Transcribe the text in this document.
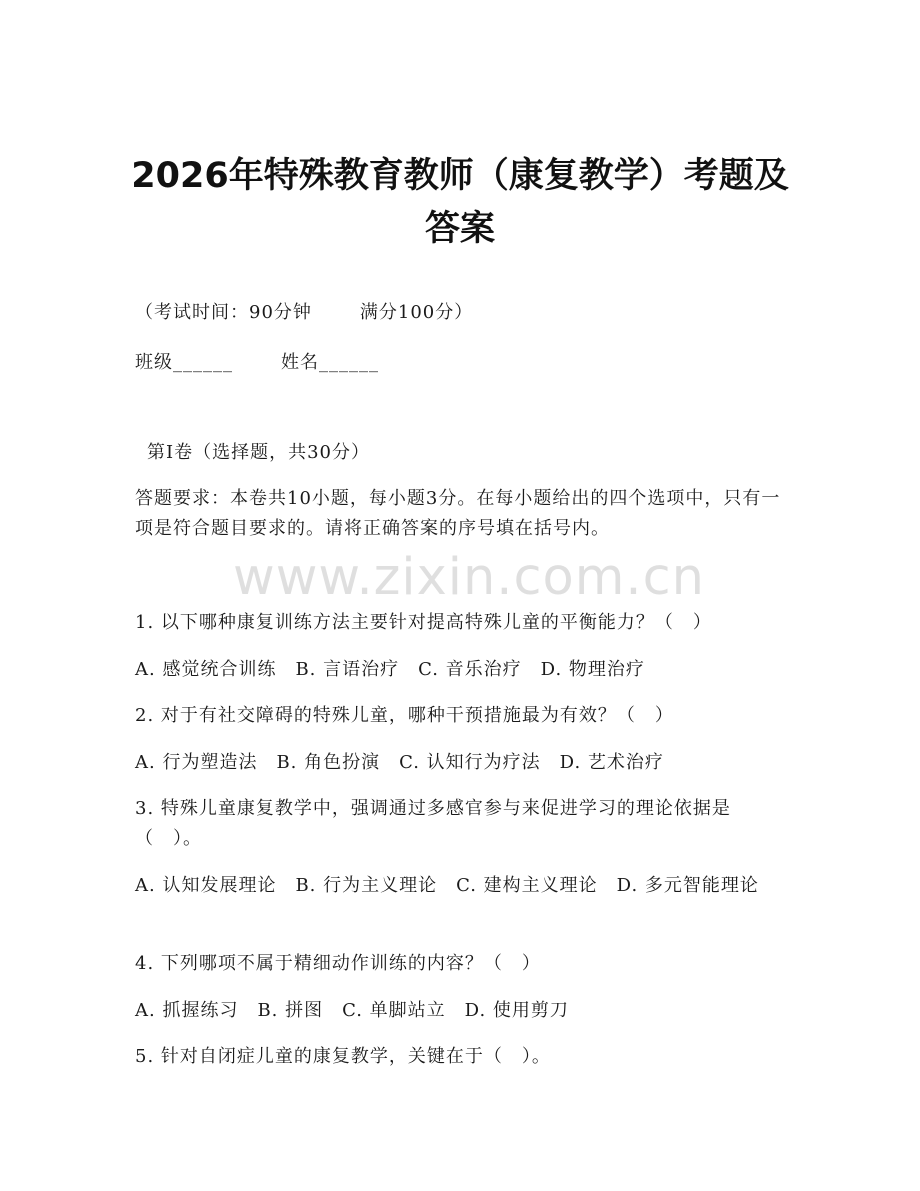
2026年特殊教育教师（康复教学）考题及答案
（考试时间：90分钟	满分100分）
班级______	姓名______
第Ⅰ卷（选择题，共30分）
答题要求：本卷共10小题，每小题3分。在每小题给出的四个选项中，只有一项是符合题目要求的。请将正确答案的序号填在括号内。
www.zixin.com.cn
1. 以下哪种康复训练方法主要针对提高特殊儿童的平衡能力？（　）
A. 感觉统合训练　B. 言语治疗　C. 音乐治疗　D. 物理治疗
2. 对于有社交障碍的特殊儿童，哪种干预措施最为有效？（　）
A. 行为塑造法　B. 角色扮演　C. 认知行为疗法　D. 艺术治疗
3. 特殊儿童康复教学中，强调通过多感官参与来促进学习的理论依据是（　）。
A. 认知发展理论　B. 行为主义理论　C. 建构主义理论　D. 多元智能理论
4. 下列哪项不属于精细动作训练的内容？（　）
A. 抓握练习　B. 拼图　C. 单脚站立　D. 使用剪刀
5. 针对自闭症儿童的康复教学，关键在于（　）。
